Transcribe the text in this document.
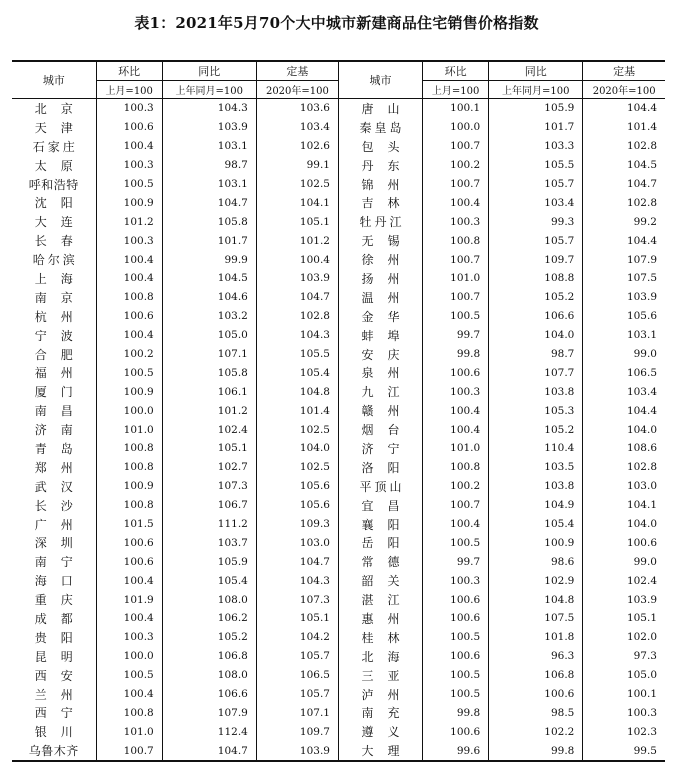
表1：2021年5月70个大中城市新建商品住宅销售价格指数
城市	环比	同比	定基	城市	环比	同比	定基
	上月=100	上年同月=100	2020年=100		上月=100	上年同月=100	2020年=100
北京	100.3	104.3	103.6	唐山	100.1	105.9	104.4
天津	100.6	103.9	103.4	秦皇岛	100.0	101.7	101.4
石家庄	100.4	103.1	102.6	包头	100.7	103.3	102.8
太原	100.3	98.7	99.1	丹东	100.2	105.5	104.5
呼和浩特	100.5	103.1	102.5	锦州	100.7	105.7	104.7
沈阳	100.9	104.7	104.1	吉林	100.4	103.4	102.8
大连	101.2	105.8	105.1	牡丹江	100.3	99.3	99.2
长春	100.3	101.7	101.2	无锡	100.8	105.7	104.4
哈尔滨	100.4	99.9	100.4	徐州	100.7	109.7	107.9
上海	100.4	104.5	103.9	扬州	101.0	108.8	107.5
南京	100.8	104.6	104.7	温州	100.7	105.2	103.9
杭州	100.6	103.2	102.8	金华	100.5	106.6	105.6
宁波	100.4	105.0	104.3	蚌埠	99.7	104.0	103.1
合肥	100.2	107.1	105.5	安庆	99.8	98.7	99.0
福州	100.5	105.8	105.4	泉州	100.6	107.7	106.5
厦门	100.9	106.1	104.8	九江	100.3	103.8	103.4
南昌	100.0	101.2	101.4	赣州	100.4	105.3	104.4
济南	101.0	102.4	102.5	烟台	100.4	105.2	104.0
青岛	100.8	105.1	104.0	济宁	101.0	110.4	108.6
郑州	100.8	102.7	102.5	洛阳	100.8	103.5	102.8
武汉	100.9	107.3	105.6	平顶山	100.2	103.8	103.0
长沙	100.8	106.7	105.6	宜昌	100.7	104.9	104.1
广州	101.5	111.2	109.3	襄阳	100.4	105.4	104.0
深圳	100.6	103.7	103.0	岳阳	100.5	100.9	100.6
南宁	100.6	105.9	104.7	常德	99.7	98.6	99.0
海口	100.4	105.4	104.3	韶关	100.3	102.9	102.4
重庆	101.9	108.0	107.3	湛江	100.6	104.8	103.9
成都	100.4	106.2	105.1	惠州	100.6	107.5	105.1
贵阳	100.3	105.2	104.2	桂林	100.5	101.8	102.0
昆明	100.0	106.8	105.7	北海	100.6	96.3	97.3
西安	100.5	108.0	106.5	三亚	100.5	106.8	105.0
兰州	100.4	106.6	105.7	泸州	100.5	100.6	100.1
西宁	100.8	107.9	107.1	南充	99.8	98.5	100.3
银川	101.0	112.4	109.7	遵义	100.6	102.2	102.3
乌鲁木齐	100.7	104.7	103.9	大理	99.6	99.8	99.5
